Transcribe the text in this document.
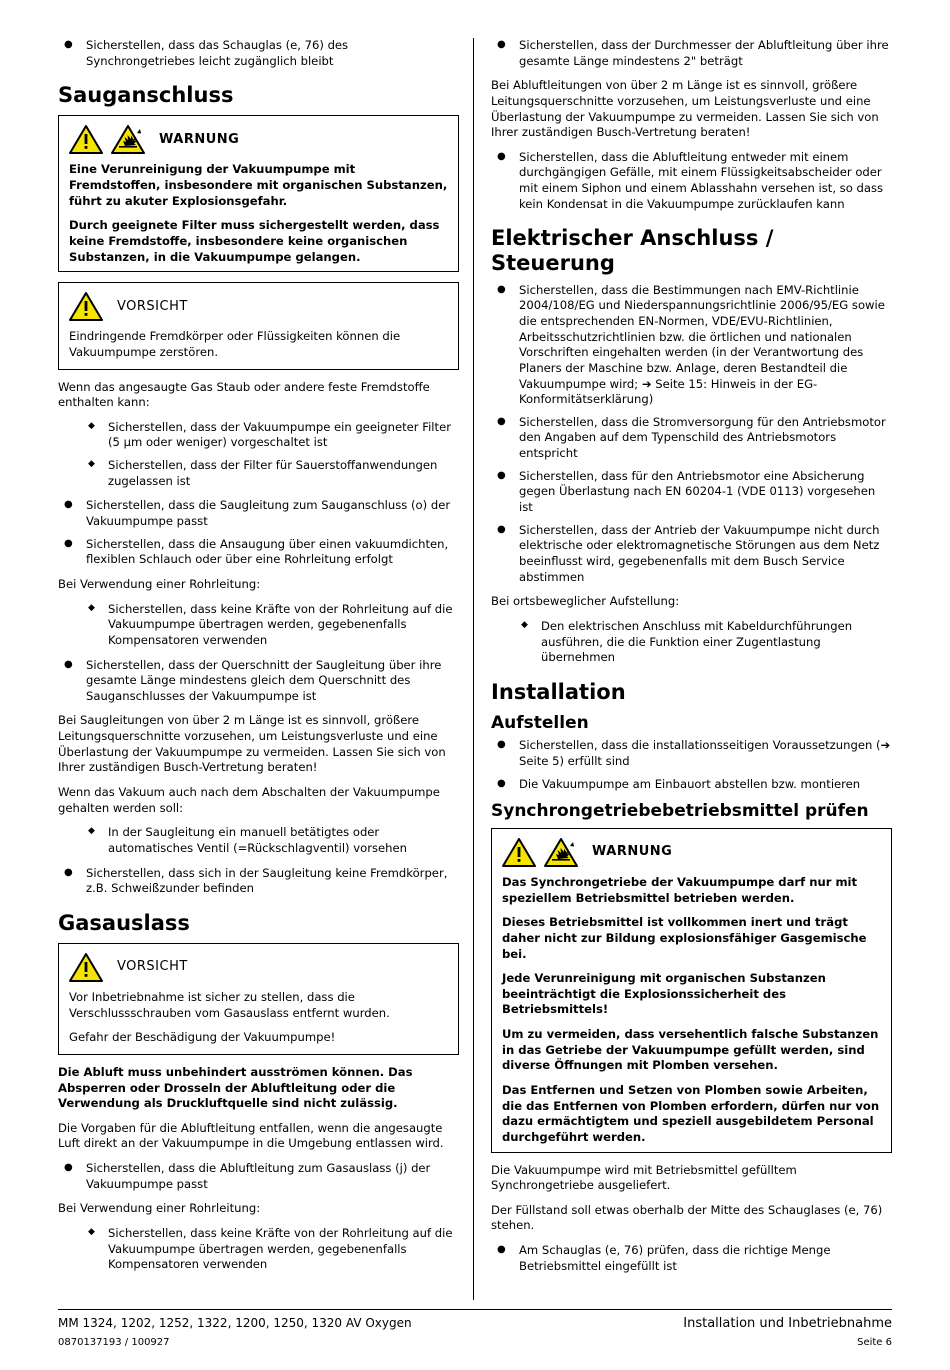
● Sicherstellen, dass das Schauglas (e, 76) des Synchrongetriebes leicht zugänglich bleibt
Sauganschluss
WARNUNG

Eine Verunreinigung der Vakuumpumpe mit Fremdstoffen, insbesondere mit organischen Substanzen, führt zu akuter Explosionsgefahr.

Durch geeignete Filter muss sichergestellt werden, dass keine Fremdstoffe, insbesondere keine organischen Substanzen, in die Vakuumpumpe gelangen.

VORSICHT

Eindringende Fremdkörper oder Flüssigkeiten können die Vakuumpumpe zerstören.

Wenn das angesaugte Gas Staub oder andere feste Fremdstoffe enthalten kann:

◆ Sicherstellen, dass der Vakuumpumpe ein geeigneter Filter (5 µm oder weniger) vorgeschaltet ist
◆ Sicherstellen, dass der Filter für Sauerstoffanwendungen zugelassen ist
● Sicherstellen, dass die Saugleitung zum Sauganschluss (o) der Vakuumpumpe passt
● Sicherstellen, dass die Ansaugung über einen vakuumdichten, flexiblen Schlauch oder über eine Rohrleitung erfolgt

Bei Verwendung einer Rohrleitung:

◆ Sicherstellen, dass keine Kräfte von der Rohrleitung auf die Vakuumpumpe übertragen werden, gegebenenfalls Kompensatoren verwenden
● Sicherstellen, dass der Querschnitt der Saugleitung über ihre gesamte Länge mindestens gleich dem Querschnitt des Sauganschlusses der Vakuumpumpe ist

Bei Saugleitungen von über 2 m Länge ist es sinnvoll, größere Leitungsquerschnitte vorzusehen, um Leistungsverluste und eine Überlastung der Vakuumpumpe zu vermeiden. Lassen Sie sich von Ihrer zuständigen Busch-Vertretung beraten!

Wenn das Vakuum auch nach dem Abschalten der Vakuumpumpe gehalten werden soll:

◆ In der Saugleitung ein manuell betätigtes oder automatisches Ventil (=Rückschlagventil) vorsehen
● Sicherstellen, dass sich in der Saugleitung keine Fremdkörper, z.B. Schweißzunder befinden
Gasauslass
VORSICHT

Vor Inbetriebnahme ist sicher zu stellen, dass die Verschlussschrauben vom Gasauslass entfernt wurden.

Gefahr der Beschädigung der Vakuumpumpe!

Die Abluft muss unbehindert ausströmen können. Das Absperren oder Drosseln der Abluftleitung oder die Verwendung als Druckluftquelle sind nicht zulässig.

Die Vorgaben für die Abluftleitung entfallen, wenn die angesaugte Luft direkt an der Vakuumpumpe in die Umgebung entlassen wird.

● Sicherstellen, dass die Abluftleitung zum Gasauslass (j) der Vakuumpumpe passt

Bei Verwendung einer Rohrleitung:

◆ Sicherstellen, dass keine Kräfte von der Rohrleitung auf die Vakuumpumpe übertragen werden, gegebenenfalls Kompensatoren verwenden
● Sicherstellen, dass der Durchmesser der Abluftleitung über ihre gesamte Länge mindestens 2" beträgt

Bei Abluftleitungen von über 2 m Länge ist es sinnvoll, größere Leitungsquerschnitte vorzusehen, um Leistungsverluste und eine Überlastung der Vakuumpumpe zu vermeiden. Lassen Sie sich von Ihrer zuständigen Busch-Vertretung beraten!

● Sicherstellen, dass die Abluftleitung entweder mit einem durchgängigen Gefälle, mit einem Flüssigkeitsabscheider oder mit einem Siphon und einem Ablasshahn versehen ist, so dass kein Kondensat in die Vakuumpumpe zurücklaufen kann
Elektrischer Anschluss / Steuerung
● Sicherstellen, dass die Bestimmungen nach EMV-Richtlinie 2004/108/EG und Niederspannungsrichtlinie 2006/95/EG sowie die entsprechenden EN-Normen, VDE/EVU-Richtlinien, Arbeitsschutzrichtlinien bzw. die örtlichen und nationalen Vorschriften eingehalten werden (in der Verantwortung des Planers der Maschine bzw. Anlage, deren Bestandteil die Vakuumpumpe wird; ➔ Seite 15: Hinweis in der EG-Konformitätserklärung)
● Sicherstellen, dass die Stromversorgung für den Antriebsmotor den Angaben auf dem Typenschild des Antriebsmotors entspricht
● Sicherstellen, dass für den Antriebsmotor eine Absicherung gegen Überlastung nach EN 60204-1 (VDE 0113) vorgesehen ist
● Sicherstellen, dass der Antrieb der Vakuumpumpe nicht durch elektrische oder elektromagnetische Störungen aus dem Netz beeinflusst wird, gegebenenfalls mit dem Busch Service abstimmen

Bei ortsbeweglicher Aufstellung:

◆ Den elektrischen Anschluss mit Kabeldurchführungen ausführen, die die Funktion einer Zugentlastung übernehmen
Installation
Aufstellen
● Sicherstellen, dass die installationsseitigen Voraussetzungen (➔ Seite 5) erfüllt sind
● Die Vakuumpumpe am Einbauort abstellen bzw. montieren
Synchrongetriebebetriebsmittel prüfen
WARNUNG

Das Synchrongetriebe der Vakuumpumpe darf nur mit speziellem Betriebsmittel betrieben werden.

Dieses Betriebsmittel ist vollkommen inert und trägt daher nicht zur Bildung explosionsfähiger Gasgemische bei.

Jede Verunreinigung mit organischen Substanzen beeinträchtigt die Explosionssicherheit des Betriebsmittels!

Um zu vermeiden, dass versehentlich falsche Substanzen in das Getriebe der Vakuumpumpe gefüllt werden, sind diverse Öffnungen mit Plomben versehen.

Das Entfernen und Setzen von Plomben sowie Arbeiten, die das Entfernen von Plomben erfordern, dürfen nur von dazu ermächtigtem und speziell ausgebildetem Personal durchgeführt werden.

Die Vakuumpumpe wird mit Betriebsmittel gefülltem Synchrongetriebe ausgeliefert.

Der Füllstand soll etwas oberhalb der Mitte des Schauglases (e, 76) stehen.

● Am Schauglas (e, 76) prüfen, dass die richtige Menge Betriebsmittel eingefüllt ist
MM 1324, 1202, 1252, 1322, 1200, 1250, 1320 AV Oxygen	Installation und Inbetriebnahme
0870137193 / 100927	Seite 6
